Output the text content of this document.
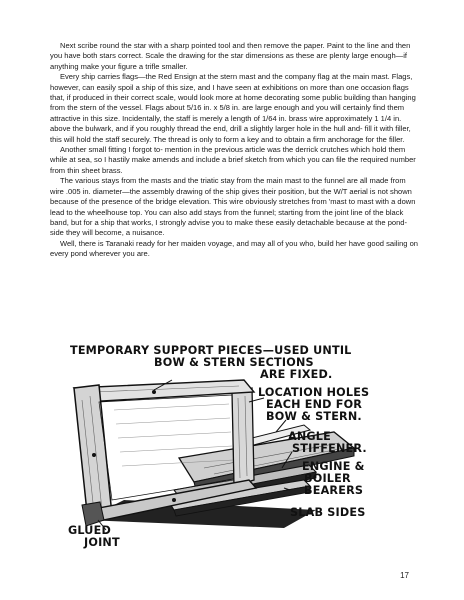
Next scribe round the star with a sharp pointed tool and then remove the paper. Paint to the line and then you have both stars correct. Scale the drawing for the star dimensions as these are plenty large enough—if anything make your figure a trifle smaller.

Every ship carries flags—the Red Ensign at the stern mast and the company flag at the main mast. Flags, however, can easily spoil a ship of this size, and I have seen at exhibitions on more than one occasion flags that, if produced in their correct scale, would look more at home decorating some public building than hanging from the stern of the vessel. Flags about 5/16 in. x 5/8 in. are large enough and you will certainly find them attractive in this size. Incidentally, the staff is merely a length of 1/64 in. brass wire approximately 1 1/4 in. above the bulwark, and if you roughly thread the end, drill a slightly larger hole in the hull and- fill it with filler, this will hold the staff securely. The thread is only to form a key and to obtain a firm anchorage for the filler.

Another small fitting I forgot to- mention in the previous article was the derrick crutches which hold them while at sea, so I hastily make amends and include a brief sketch from which you can file the required number from thin sheet brass.

The various stays from the masts and the triatic stay from the main mast to the funnel are all made from wire .005 in. diameter—the assembly drawing of the ship gives their position, but the W/T aerial is not shown because of the presence of the bridge elevation. This wire obviously stretches from 'mast to mast with a down lead to the wheelhouse top. You can also add stays from the funnel; starting from the joint line of the black band, but for a ship that works, I strongly advise you to make these easily detachable because at the pond-side they will become, a nuisance.

Well, there is Taranaki ready for her maiden voyage, and may all of you who, build her have good sailing on every pond wherever you are.

TEMPORARY SUPPORT PIECES—USED UNTIL
BOW & STERN SECTIONS
ARE FIXED.
LOCATION HOLES
EACH END FOR
BOW & STERN.
ANGLE
STIFFENER.
ENGINE &
BOILER
BEARERS
SLAB SIDES
GLUED
JOINT

17
